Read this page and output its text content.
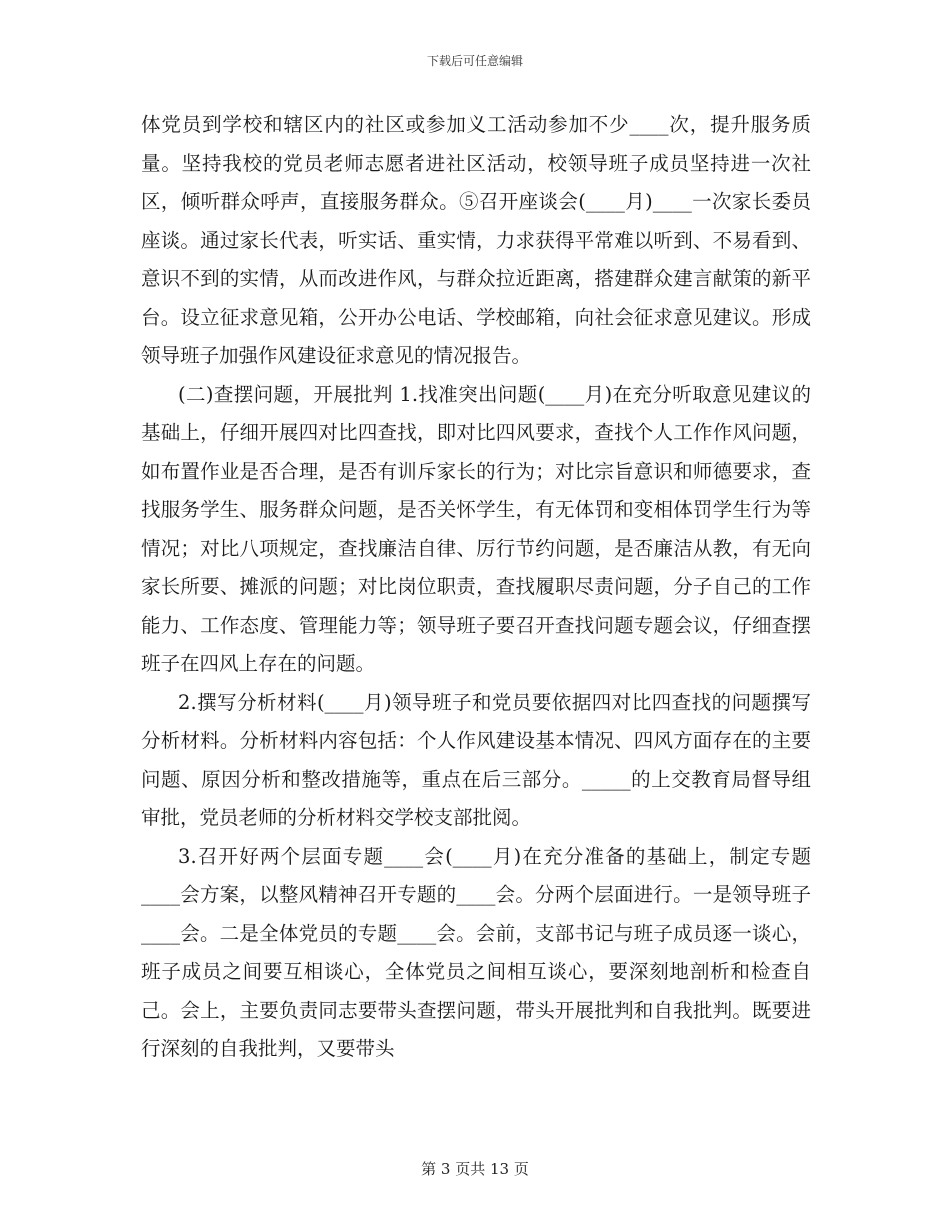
下载后可任意编辑

体党员到学校和辖区内的社区或参加义工活动参加不少____次，提升服务质量。坚持我校的党员老师志愿者进社区活动，校领导班子成员坚持进一次社区，倾听群众呼声，直接服务群众。⑤召开座谈会(____月)____一次家长委员座谈。通过家长代表，听实话、重实情，力求获得平常难以听到、不易看到、意识不到的实情，从而改进作风，与群众拉近距离，搭建群众建言献策的新平台。设立征求意见箱，公开办公电话、学校邮箱，向社会征求意见建议。形成领导班子加强作风建设征求意见的情况报告。

(二)查摆问题，开展批判 1.找准突出问题(____月)在充分听取意见建议的基础上，仔细开展四对比四查找，即对比四风要求，查找个人工作作风问题，如布置作业是否合理，是否有训斥家长的行为；对比宗旨意识和师德要求，查找服务学生、服务群众问题，是否关怀学生，有无体罚和变相体罚学生行为等情况；对比八项规定，查找廉洁自律、厉行节约问题，是否廉洁从教，有无向家长所要、摊派的问题；对比岗位职责，查找履职尽责问题，分子自己的工作能力、工作态度、管理能力等；领导班子要召开查找问题专题会议，仔细查摆班子在四风上存在的问题。

2.撰写分析材料(____月)领导班子和党员要依据四对比四查找的问题撰写分析材料。分析材料内容包括：个人作风建设基本情况、四风方面存在的主要问题、原因分析和整改措施等，重点在后三部分。_____的上交教育局督导组审批，党员老师的分析材料交学校支部批阅。

3.召开好两个层面专题____会(____月)在充分准备的基础上，制定专题____会方案，以整风精神召开专题的____会。分两个层面进行。一是领导班子____会。二是全体党员的专题____会。会前，支部书记与班子成员逐一谈心，班子成员之间要互相谈心，全体党员之间相互谈心，要深刻地剖析和检查自己。会上，主要负责同志要带头查摆问题，带头开展批判和自我批判。既要进行深刻的自我批判，又要带头

第 3 页共 13 页
